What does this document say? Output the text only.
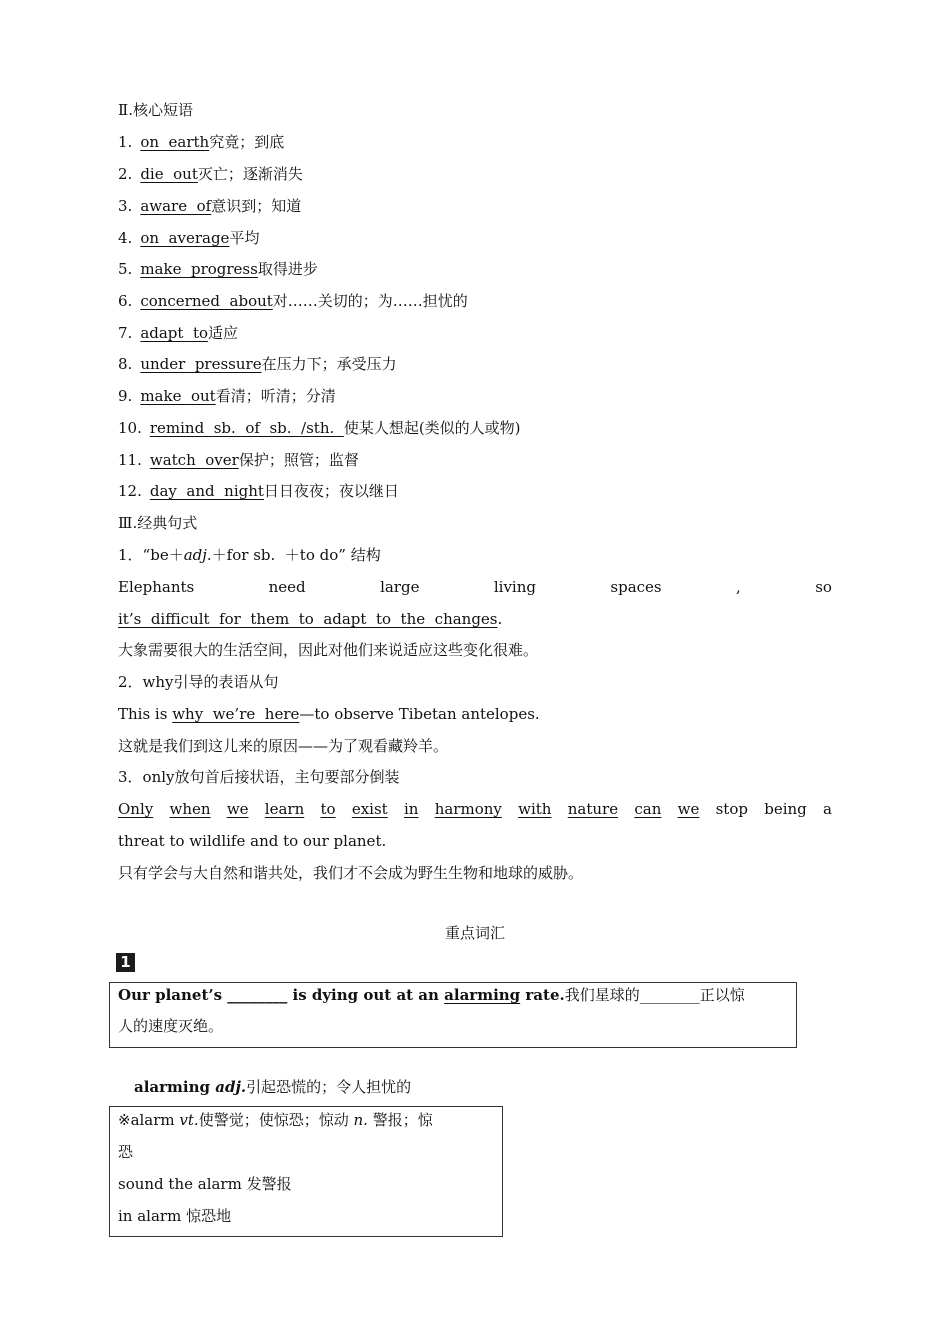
Ⅱ.核心短语
1. on  earth究竟；到底
2. die  out灭亡；逐渐消失
3. aware  of意识到；知道
4. on  average平均
5. make  progress取得进步
6. concerned  about对……关切的；为……担忧的
7. adapt  to适应
8. under  pressure在压力下；承受压力
9. make  out看清；听清；分清
10. remind  sb.  of  sb.  /sth.  使某人想起(类似的人或物)
11. watch  over保护；照管；监督
12. day  and  night日日夜夜；夜以继日
Ⅲ.经典句式
1．“be＋adj.＋for sb.  ＋to do” 结构
Elephants	need	large	living	spaces	,	so
it’s  difficult  for  them  to  adapt  to  the  changes.
大象需要很大的生活空间，因此对他们来说适应这些变化很难。
2．why引导的表语从句
This is why  we’re  here—to observe Tibetan antelopes.
这就是我们到这儿来的原因——为了观看藏羚羊。
3．only放句首后接状语，主句要部分倒装
Only when we learn to exist in harmony with nature can we stop being a
threat to wildlife and to our planet.
只有学会与大自然和谐共处，我们才不会成为野生生物和地球的威胁。
重点词汇
1
Our planet’s ________ is dying out at an alarming rate.我们星球的________正以惊
人的速度灭绝。
alarming adj.引起恐慌的；令人担忧的
※alarm vt.使警觉；使惊恐；惊动 n. 警报；惊
恐
sound the alarm 发警报
in alarm 惊恐地
